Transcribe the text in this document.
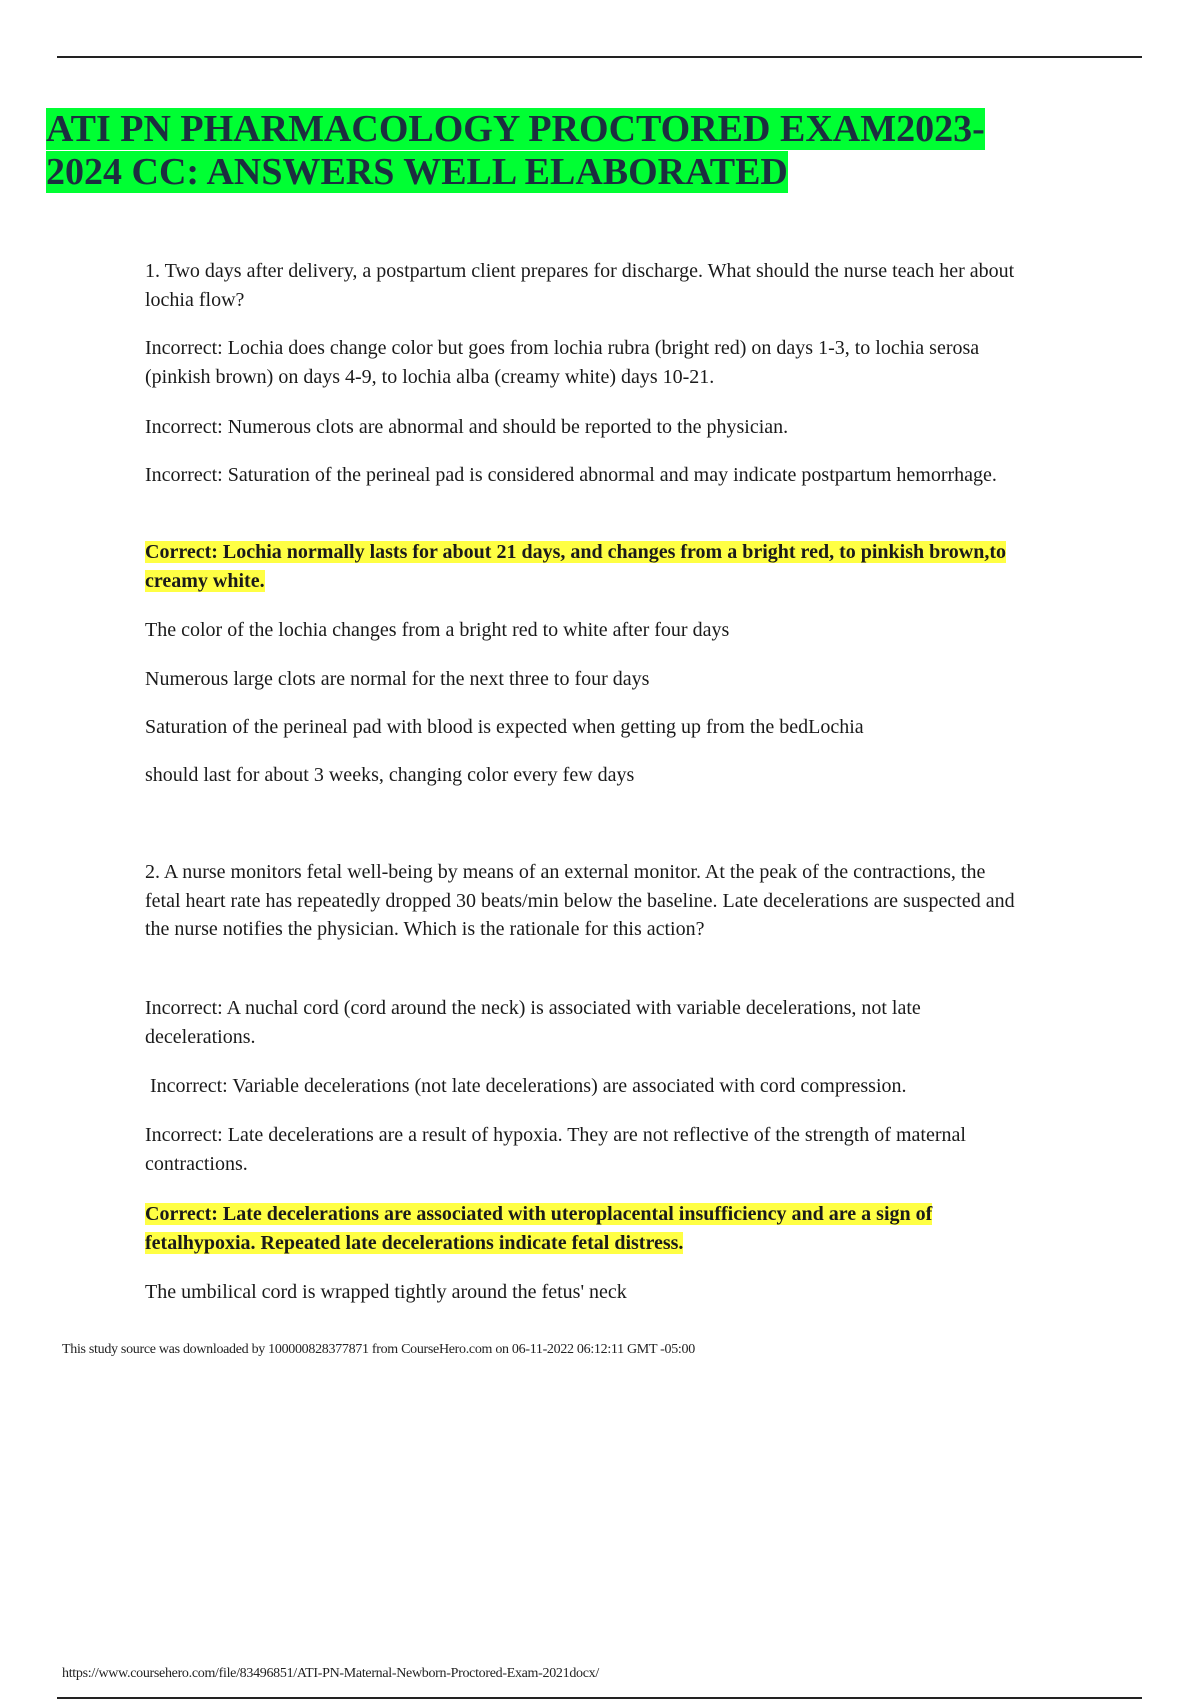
ATI PN PHARMACOLOGY PROCTORED EXAM2023-
2024 CC: ANSWERS WELL ELABORATED

1. Two days after delivery, a postpartum client prepares for discharge. What should the nurse teach her about lochia flow?

Incorrect: Lochia does change color but goes from lochia rubra (bright red) on days 1-3, to lochia serosa (pinkish brown) on days 4-9, to lochia alba (creamy white) days 10-21.

Incorrect: Numerous clots are abnormal and should be reported to the physician.

Incorrect: Saturation of the perineal pad is considered abnormal and may indicate postpartum hemorrhage.

Correct: Lochia normally lasts for about 21 days, and changes from a bright red, to pinkish brown,to creamy white.

The color of the lochia changes from a bright red to white after four days

Numerous large clots are normal for the next three to four days

Saturation of the perineal pad with blood is expected when getting up from the bedLochia

should last for about 3 weeks, changing color every few days

2. A nurse monitors fetal well-being by means of an external monitor. At the peak of the contractions, the fetal heart rate has repeatedly dropped 30 beats/min below the baseline. Late decelerations are suspected and the nurse notifies the physician. Which is the rationale for this action?

Incorrect: A nuchal cord (cord around the neck) is associated with variable decelerations, not late decelerations.

Incorrect: Variable decelerations (not late decelerations) are associated with cord compression.

Incorrect: Late decelerations are a result of hypoxia. They are not reflective of the strength of maternal contractions.

Correct: Late decelerations are associated with uteroplacental insufficiency and are a sign of fetalhypoxia. Repeated late decelerations indicate fetal distress.

The umbilical cord is wrapped tightly around the fetus' neck

This study source was downloaded by 100000828377871 from CourseHero.com on 06-11-2022 06:12:11 GMT -05:00
https://www.coursehero.com/file/83496851/ATI-PN-Maternal-Newborn-Proctored-Exam-2021docx/
